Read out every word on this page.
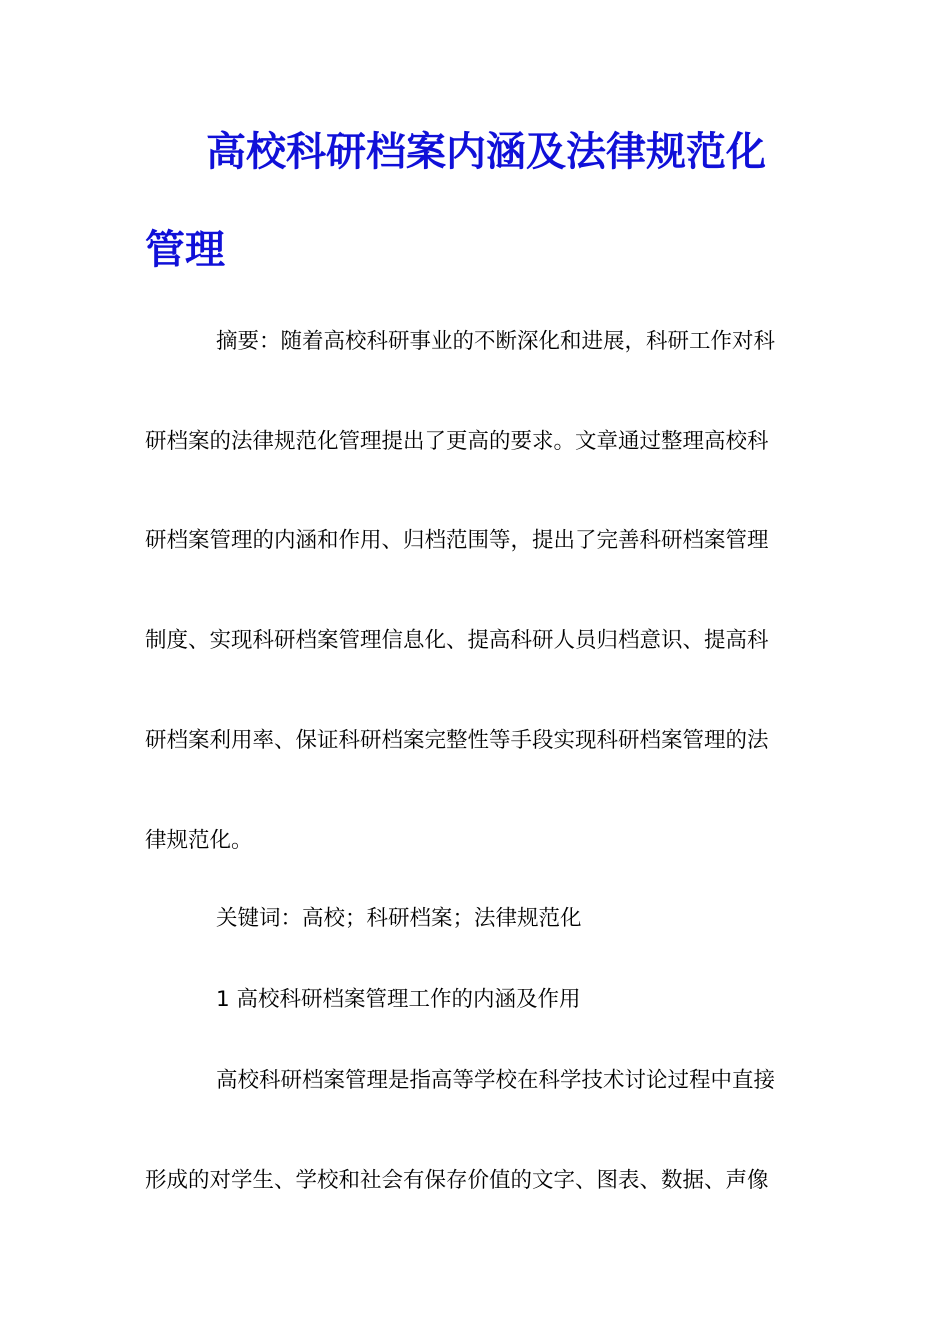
高校科研档案内涵及法律规范化
管理
摘要：随着高校科研事业的不断深化和进展，科研工作对科
研档案的法律规范化管理提出了更高的要求。文章通过整理高校科
研档案管理的内涵和作用、归档范围等，提出了完善科研档案管理
制度、实现科研档案管理信息化、提高科研人员归档意识、提高科
研档案利用率、保证科研档案完整性等手段实现科研档案管理的法
律规范化。
关键词：高校；科研档案；法律规范化
1 高校科研档案管理工作的内涵及作用
高校科研档案管理是指高等学校在科学技术讨论过程中直接
形成的对学生、学校和社会有保存价值的文字、图表、数据、声像
